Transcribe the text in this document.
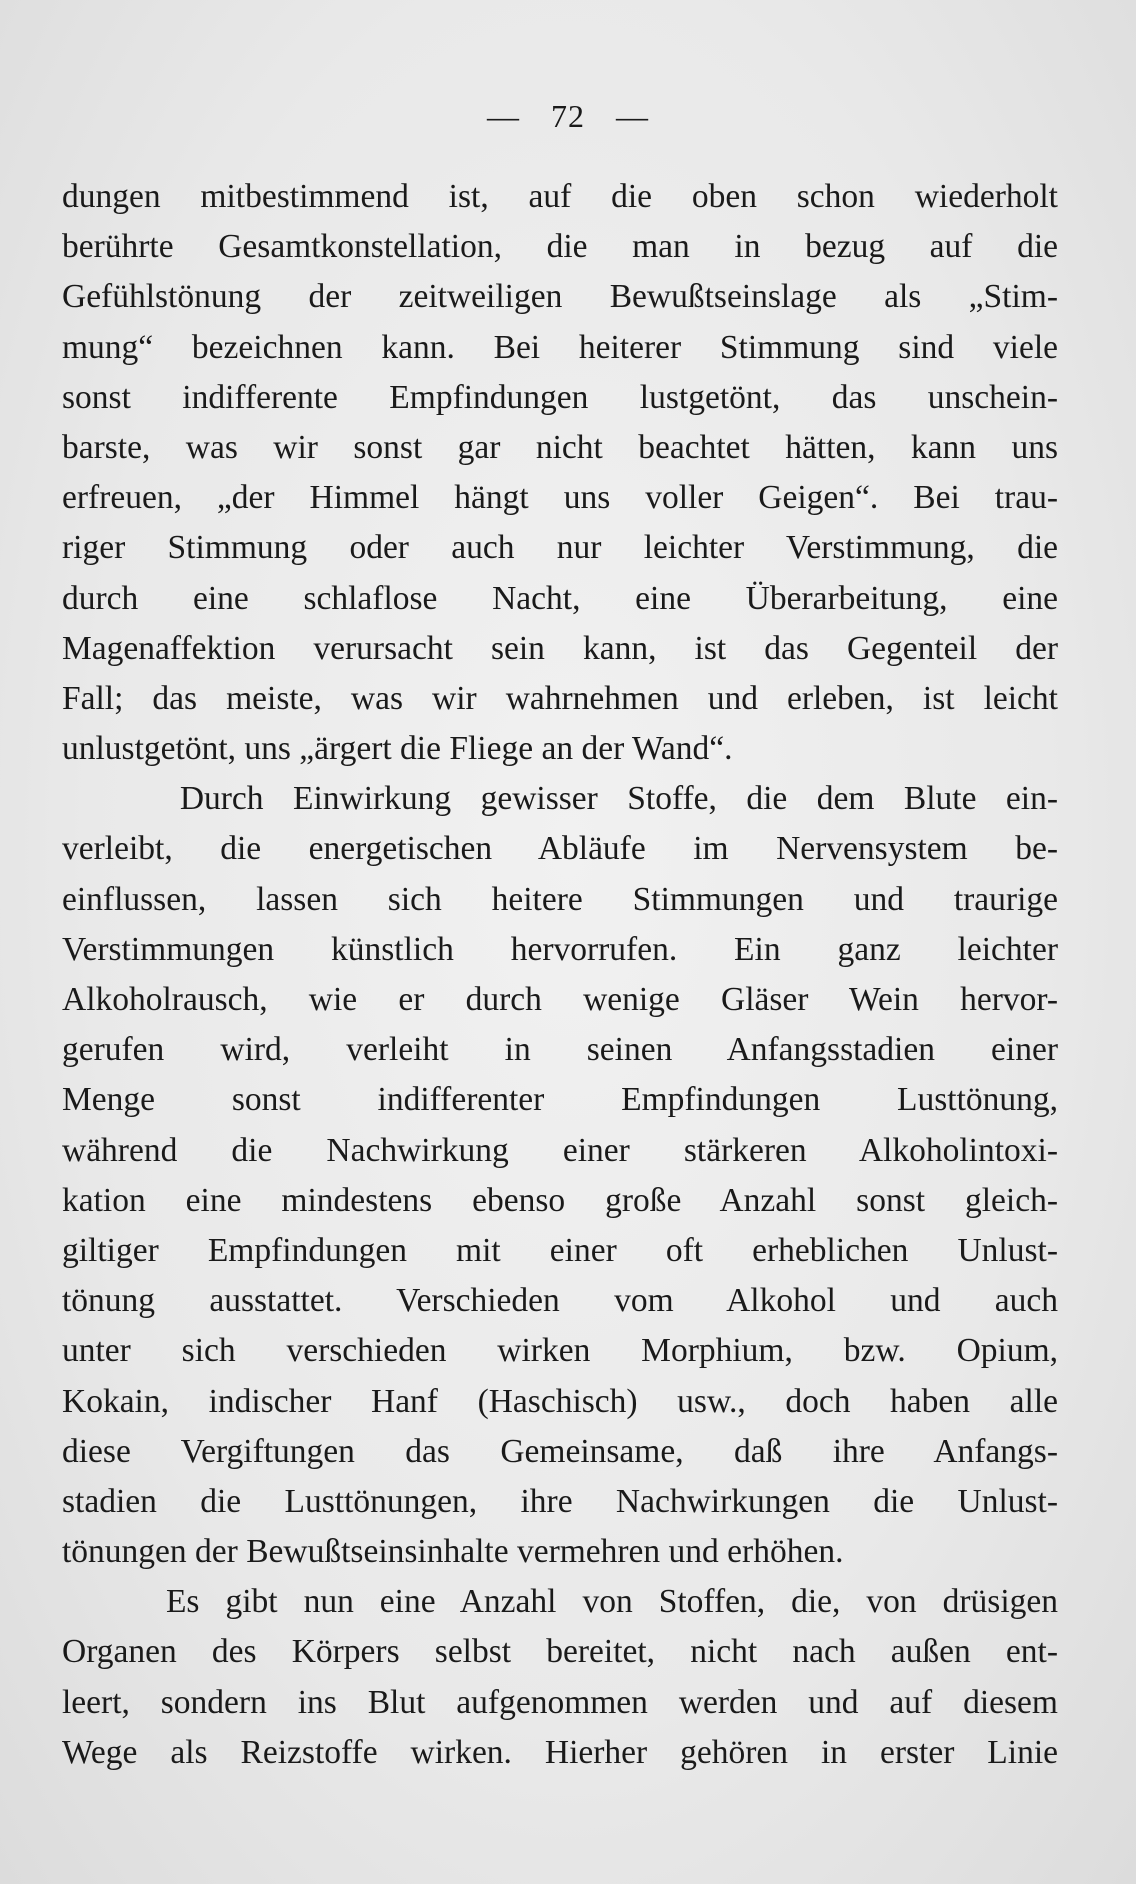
— 72 —
dungen mitbestimmend ist, auf die oben schon wiederholt
berührte Gesamtkonstellation, die man in bezug auf die
Gefühlstönung der zeitweiligen Bewußtseinslage als „Stim-
mung“ bezeichnen kann. Bei heiterer Stimmung sind viele
sonst indifferente Empfindungen lustgetönt, das unschein-
barste, was wir sonst gar nicht beachtet hätten, kann uns
erfreuen, „der Himmel hängt uns voller Geigen“. Bei trau-
riger Stimmung oder auch nur leichter Verstimmung, die
durch eine schlaflose Nacht, eine Überarbeitung, eine
Magenaffektion verursacht sein kann, ist das Gegenteil der
Fall; das meiste, was wir wahrnehmen und erleben, ist leicht
unlustgetönt, uns „ärgert die Fliege an der Wand“.
Durch Einwirkung gewisser Stoffe, die dem Blute ein-
verleibt, die energetischen Abläufe im Nervensystem be-
einflussen, lassen sich heitere Stimmungen und traurige
Verstimmungen künstlich hervorrufen. Ein ganz leichter
Alkoholrausch, wie er durch wenige Gläser Wein hervor-
gerufen wird, verleiht in seinen Anfangsstadien einer
Menge sonst indifferenter Empfindungen Lusttönung,
während die Nachwirkung einer stärkeren Alkoholintoxi-
kation eine mindestens ebenso große Anzahl sonst gleich-
giltiger Empfindungen mit einer oft erheblichen Unlust-
tönung ausstattet. Verschieden vom Alkohol und auch
unter sich verschieden wirken Morphium, bzw. Opium,
Kokain, indischer Hanf (Haschisch) usw., doch haben alle
diese Vergiftungen das Gemeinsame, daß ihre Anfangs-
stadien die Lusttönungen, ihre Nachwirkungen die Unlust-
tönungen der Bewußtseinsinhalte vermehren und erhöhen.
Es gibt nun eine Anzahl von Stoffen, die, von drüsigen
Organen des Körpers selbst bereitet, nicht nach außen ent-
leert, sondern ins Blut aufgenommen werden und auf diesem
Wege als Reizstoffe wirken. Hierher gehören in erster Linie
